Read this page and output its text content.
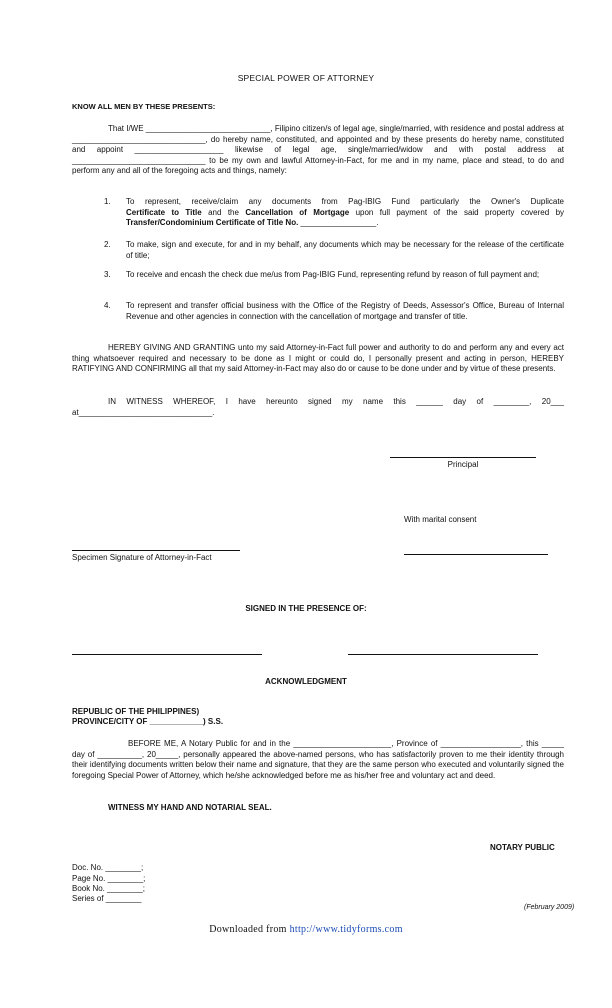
SPECIAL POWER OF ATTORNEY
KNOW ALL MEN BY THESE PRESENTS:
That I/WE ____________________________, Filipino citizen/s of legal age, single/married, with residence and postal address at ______________________________, do hereby name, constituted, and appointed and by these presents do hereby name, constituted and appoint ____________________ likewise of legal age, single/married/widow and with postal address at ______________________________ to be my own and lawful Attorney-in-Fact, for me and in my name, place and stead, to do and perform any and all of the foregoing acts and things, namely:
1.	To represent, receive/claim any documents from Pag-IBIG Fund particularly the Owner's Duplicate
Certificate to Title and the Cancellation of Mortgage upon full payment of the said property covered by
Transfer/Condominium Certificate of Title No. _________________.
2.	To make, sign and execute, for and in my behalf, any documents which may be necessary for the release of the certificate of title;
3.	To receive and encash the check due me/us from Pag-IBIG Fund, representing refund by reason of full payment and;
4.	To represent and transfer official business with the Office of the Registry of Deeds, Assessor's Office, Bureau of Internal Revenue and other agencies in connection with the cancellation of mortgage and transfer of title.
HEREBY GIVING AND GRANTING unto my said Attorney-in-Fact full power and authority to do and perform any and every act thing whatsoever required and necessary to be done as I might or could do, I personally present and acting in person, HEREBY RATIFYING AND CONFIRMING all that my said Attorney-in-Fact may also do or cause to be done under and by virtue of these presents.
IN WITNESS WHEREOF, I have hereunto signed my name this ______ day of ________, 20___ at______________________________.
Principal
With marital consent
Specimen Signature of Attorney-in-Fact
SIGNED IN THE PRESENCE OF:
ACKNOWLEDGMENT
REPUBLIC OF THE PHILIPPINES)
PROVINCE/CITY OF ____________) S.S.
BEFORE ME, A Notary Public for and in the ______________________, Province of __________________, this _____ day of __________, 20_____, personally appeared the above-named persons, who has satisfactorily proven to me their identity through their identifying documents written below their name and signature, that they are the same person who executed and voluntarily signed the foregoing Special Power of Attorney, which he/she acknowledged before me as his/her free and voluntary act and deed.
WITNESS MY HAND AND NOTARIAL SEAL.
NOTARY PUBLIC
Doc. No. ________;
Page No. ________;
Book No. ________;
Series of ________
(February 2009)
Downloaded from http://www.tidyforms.com
